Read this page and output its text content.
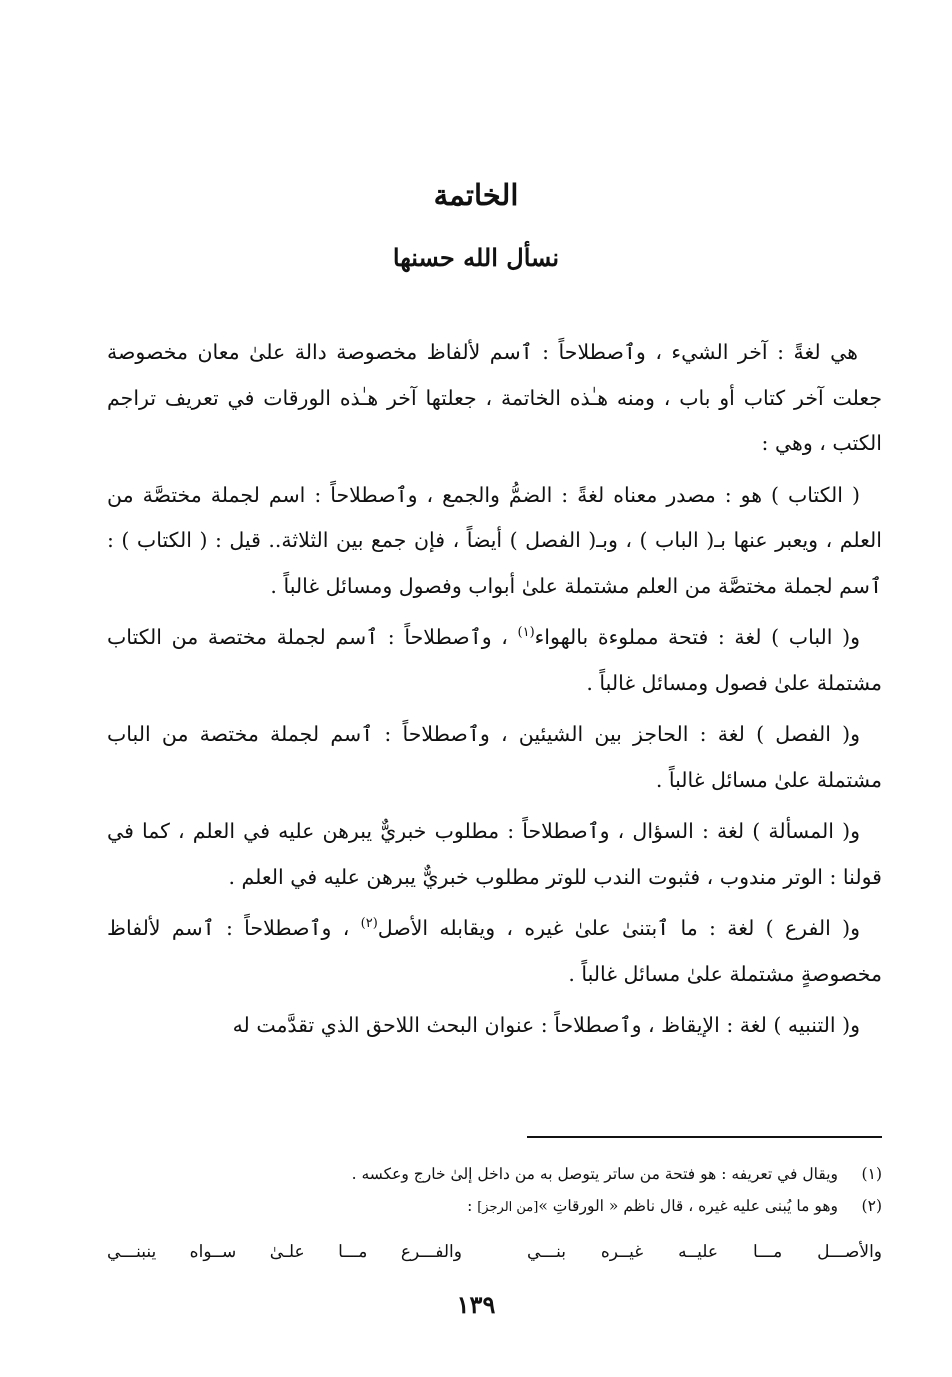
الخاتمة
نسأل الله حسنها

هي لغةً : آخر الشيء ، وٱصطلاحاً : ٱسم لألفاظ مخصوصة دالة علىٰ معان مخصوصة جعلت آخر كتاب أو باب ، ومنه هـٰذه الخاتمة ، جعلتها آخر هـٰذه الورقات في تعريف تراجم الكتب ، وهي :

( الكتاب ) هو : مصدر معناه لغةً : الضمُّ والجمع ، وٱصطلاحاً : اسم لجملة مختصَّة من العلم ، ويعبر عنها بـ( الباب ) ، وبـ( الفصل ) أيضاً ، فإن جمع بين الثلاثة.. قيل : ( الكتاب ) : ٱسم لجملة مختصَّة من العلم مشتملة علىٰ أبواب وفصول ومسائل غالباً .

و( الباب ) لغة : فتحة مملوءة بالهواء$^{(١)}$ ، وٱصطلاحاً : ٱسم لجملة مختصة من الكتاب مشتملة علىٰ فصول ومسائل غالباً .

و( الفصل ) لغة : الحاجز بين الشيئين ، وٱصطلاحاً : ٱسم لجملة مختصة من الباب مشتملة علىٰ مسائل غالباً .

و( المسألة ) لغة : السؤال ، وٱصطلاحاً : مطلوب خبريٌّ يبرهن عليه في العلم ، كما في قولنا : الوتر مندوب ، فثبوت الندب للوتر مطلوب خبريٌّ يبرهن عليه في العلم .

و( الفرع ) لغة : ما ٱبتنىٰ علىٰ غيره ، ويقابله الأصل$^{(٢)}$ ، وٱصطلاحاً : ٱسم لألفاظ مخصوصةٍ مشتملة علىٰ مسائل غالباً .

و( التنبيه ) لغة : الإيقاظ ، وٱصطلاحاً : عنوان البحث اللاحق الذي تقدَّمت له

(١)
ويقال في تعريفه : هو فتحة من ساتر يتوصل به من داخل إلىٰ خارج وعكسه .
(٢)
وهو ما يُبنى عليه غيره ، قال ناظم « الورقاتِ »[من الرجز] :
والأصـــل مـــا عليــه غيــره بنـــي
والفـــرع مـــا علـىٰ ســواه ينبنـــي
١٣٩
